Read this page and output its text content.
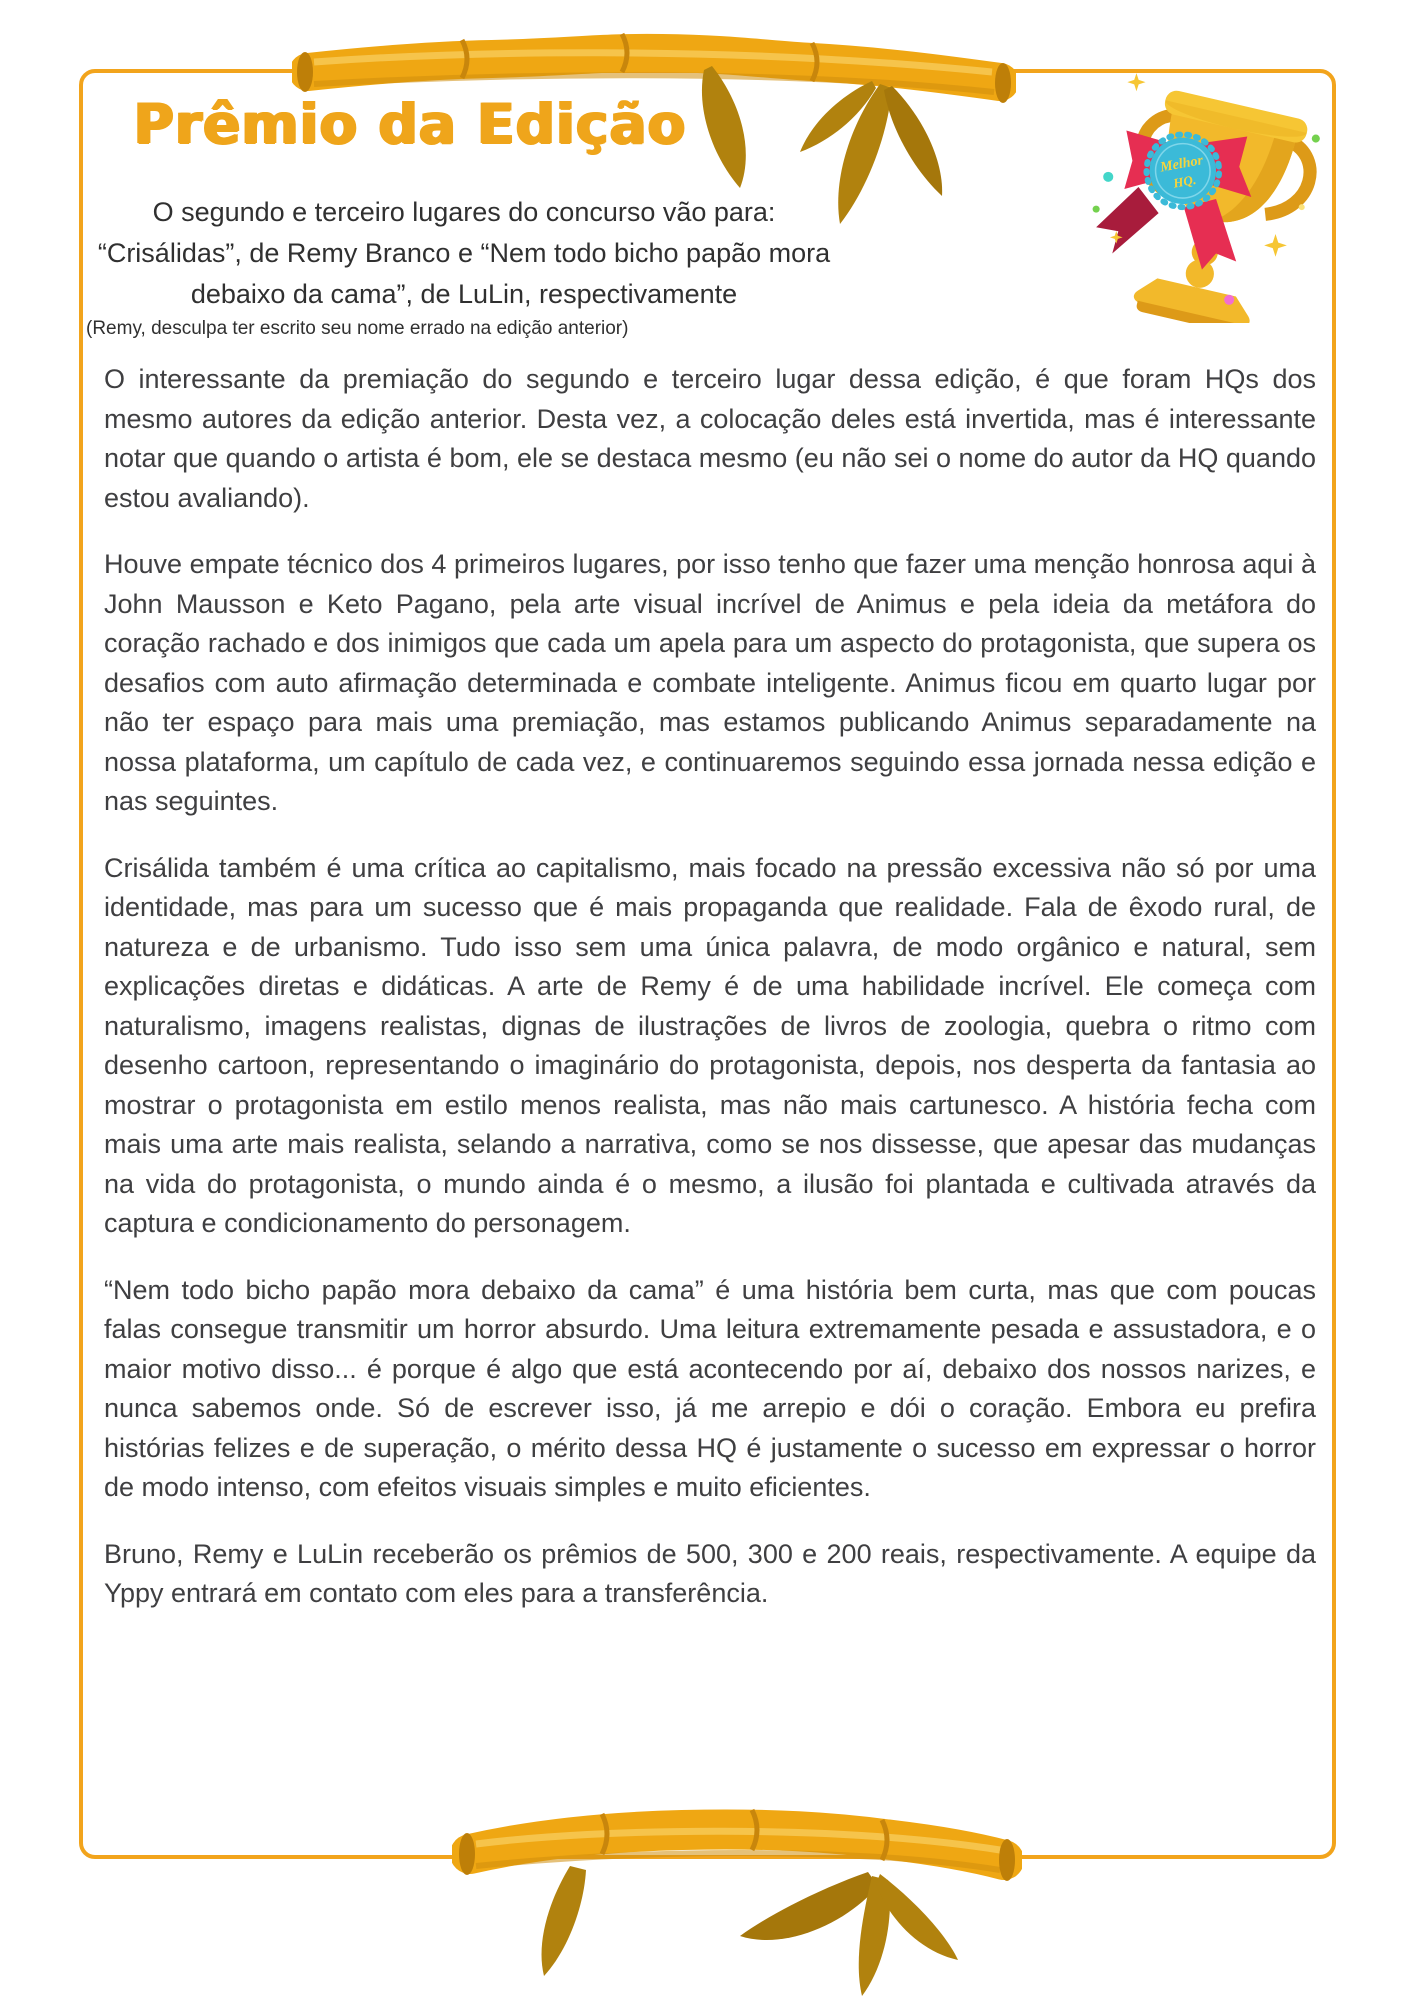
Melhor
HQ.
Prêmio da Edição
O segundo e terceiro lugares do concurso vão para:
“Crisálidas”, de Remy Branco e “Nem todo bicho papão mora
debaixo da cama”, de LuLin, respectivamente
(Remy, desculpa ter escrito seu nome errado na edição anterior)

O interessante da premiação do segundo e terceiro lugar dessa edição, é que foram HQs dos mesmo autores da edição anterior. Desta vez, a colocação deles está invertida, mas é interessante notar que quando o artista é bom, ele se destaca mesmo (eu não sei o nome do autor da HQ quando estou avaliando).

Houve empate técnico dos 4 primeiros lugares, por isso tenho que fazer uma menção honrosa aqui à John Mausson e Keto Pagano, pela arte visual incrível de Animus e pela ideia da metáfora do coração rachado e dos inimigos que cada um apela para um aspecto do protagonista, que supera os desafios com auto afirmação determinada e combate inteligente. Animus ficou em quarto lugar por não ter espaço para mais uma premiação, mas estamos publicando Animus separadamente na nossa plataforma, um capítulo de cada vez, e continuaremos seguindo essa jornada nessa edição e nas seguintes.

Crisálida também é uma crítica ao capitalismo, mais focado na pressão excessiva não só por uma identidade, mas para um sucesso que é mais propaganda que realidade. Fala de êxodo rural, de natureza e de urbanismo. Tudo isso sem uma única palavra, de modo orgânico e natural, sem explicações diretas e didáticas. A arte de Remy é de uma habilidade incrível. Ele começa com naturalismo, imagens realistas, dignas de ilustrações de livros de zoologia, quebra o ritmo com desenho cartoon, representando o imaginário do protagonista, depois, nos desperta da fantasia ao mostrar o protagonista em estilo menos realista, mas não mais cartunesco. A história fecha com mais uma arte mais realista, selando a narrativa, como se nos dissesse, que apesar das mudanças na vida do protagonista, o mundo ainda é o mesmo, a ilusão foi plantada e cultivada através da captura e condicionamento do personagem.

“Nem todo bicho papão mora debaixo da cama” é uma história bem curta, mas que com poucas falas consegue transmitir um horror absurdo. Uma leitura extremamente pesada e assustadora, e o maior motivo disso... é porque é algo que está acontecendo por aí, debaixo dos nossos narizes, e nunca sabemos onde. Só de escrever isso, já me arrepio e dói o coração. Embora eu prefira histórias felizes e de superação, o mérito dessa HQ é justamente o sucesso em expressar o horror de modo intenso, com efeitos visuais simples e muito eficientes.

Bruno, Remy e LuLin receberão os prêmios de 500, 300 e 200 reais, respectivamente. A equipe da Yppy entrará em contato com eles para a transferência.
